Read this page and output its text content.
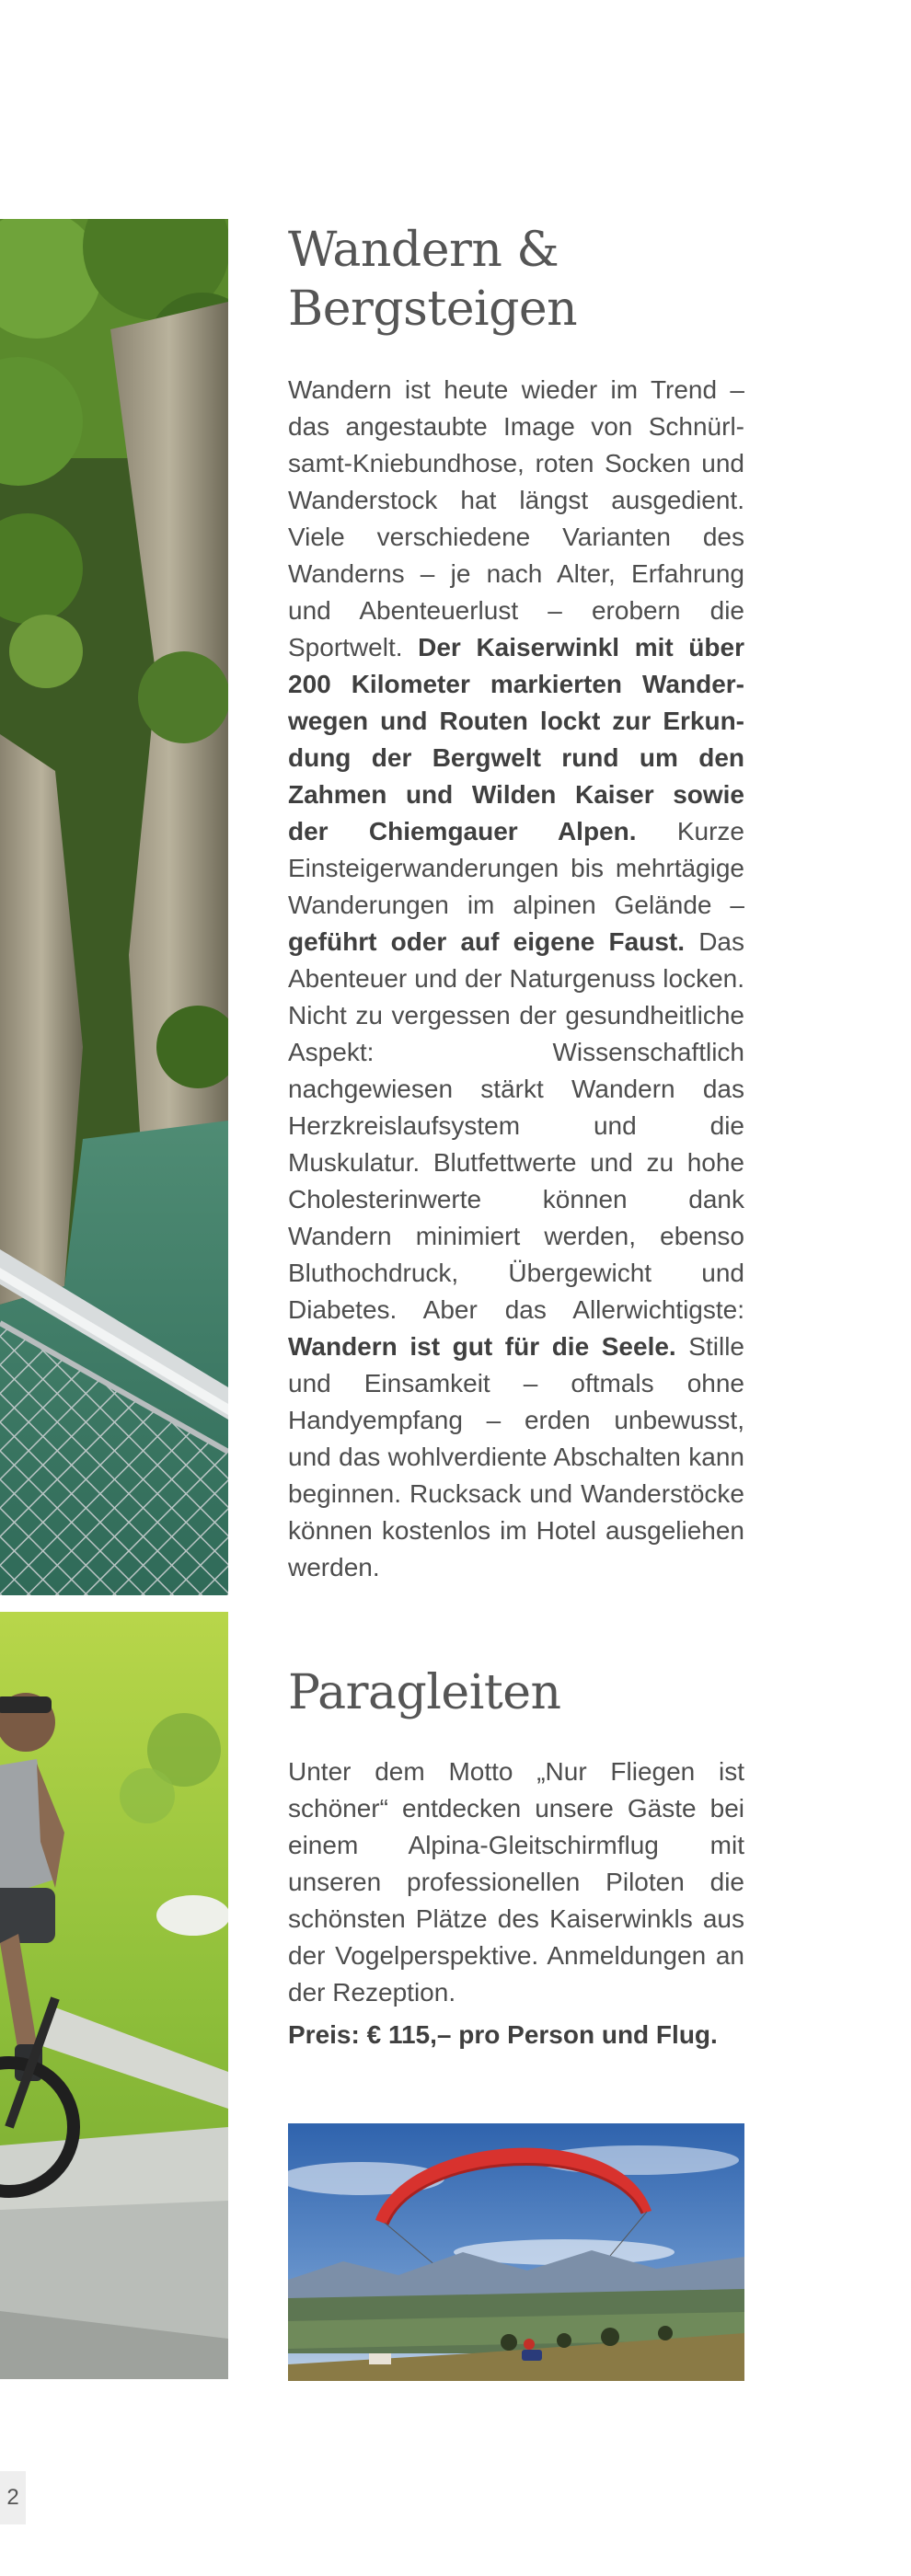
Wandern & Bergsteigen

Wandern ist heute wieder im Trend – das angestaubte Image von Schnürlsamt-Kniebundhose, roten Socken und Wanderstock hat längst ausgedient. Viele verschiedene Varianten des Wanderns – je nach Alter, Erfahrung und Abenteuerlust – erobern die Sportwelt. Der Kaiserwinkl mit über 200 Kilometer markierten Wanderwegen und Routen lockt zur Erkundung der Bergwelt rund um den Zahmen und Wilden Kaiser sowie der Chiemgauer Alpen. Kurze Einsteigerwanderungen bis mehrtägige Wanderungen im alpinen Gelände – geführt oder auf eigene Faust. Das Abenteuer und der Naturgenuss locken. Nicht zu vergessen der gesundheitliche Aspekt: Wissenschaftlich nachgewiesen stärkt Wandern das Herzkreislaufsystem und die Muskulatur. Blutfettwerte und zu hohe Cholesterinwerte können dank Wandern minimiert werden, ebenso Bluthochdruck, Übergewicht und Diabetes. Aber das Allerwichtigste: Wandern ist gut für die Seele. Stille und Einsamkeit – oftmals ohne Handyempfang – erden unbewusst, und das wohlverdiente Abschalten kann beginnen. Rucksack und Wanderstöcke können kostenlos im Hotel ausgeliehen werden.

Paragleiten

Unter dem Motto „Nur Fliegen ist schöner“ entdecken unsere Gäste bei einem Alpina-Gleitschirmflug mit unseren professionellen Piloten die schönsten Plätze des Kaiserwinkls aus der Vogelperspektive. Anmeldungen an der Rezeption.

Preis: € 115,– pro Person und Flug.

2
